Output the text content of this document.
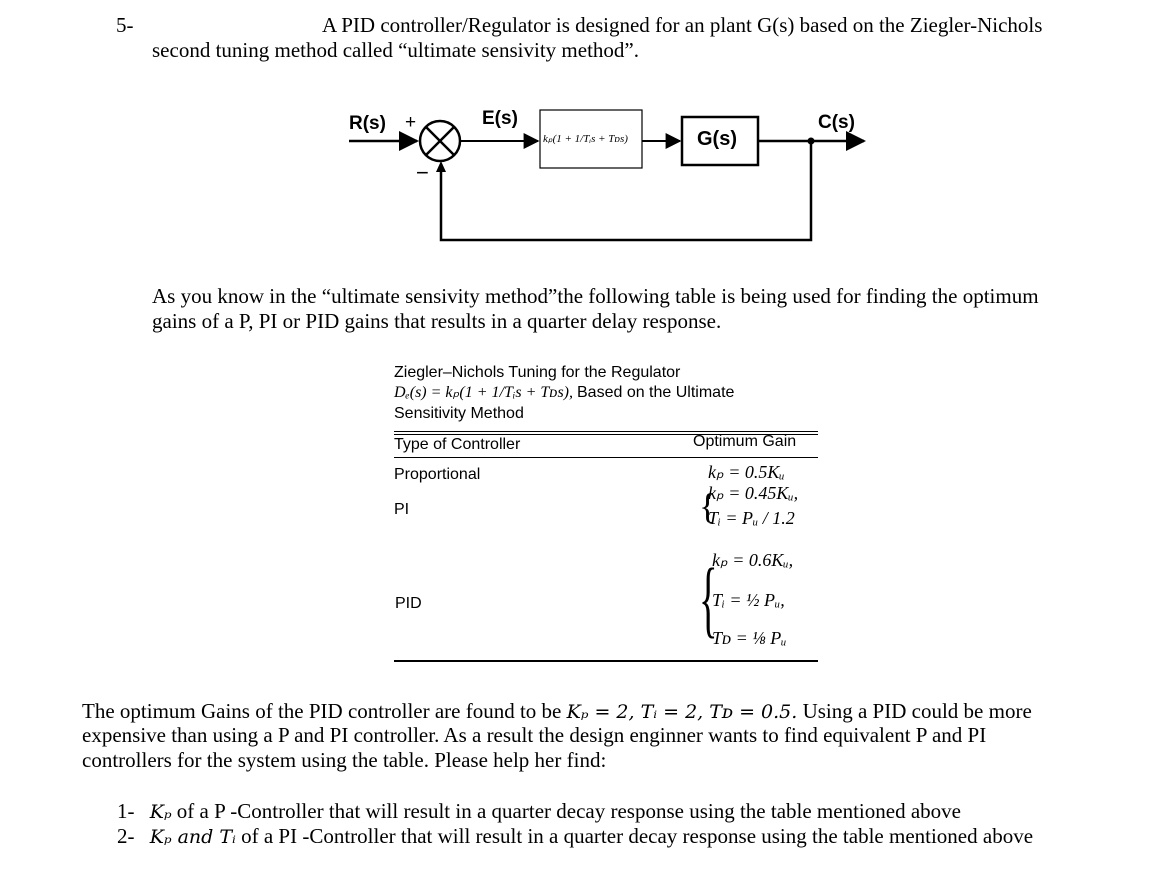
5-	A PID controller/Regulator is designed for an plant G(s) based on the Ziegler-Nichols
second tuning method called “ultimate sensivity method”.
R(s) +
−
E(s)
kₚ(1 + 1/Tᵢs + Tᴅs)	G(s)
C(s)
As you know in the “ultimate sensivity method”the following table is being used for finding the optimum
gains of a P, PI or PID gains that results in a quarter delay response.
Ziegler–Nichols Tuning for the Regulator
Dₑ(s) = kₚ(1 + 1/Tᵢs + Tᴅs), Based on the Ultimate
Sensitivity Method
Type of Controller	Optimum Gain
Proportional	kₚ = 0.5Kᵤ
PI	{
kₚ = 0.45Kᵤ,
Tᵢ = Pᵤ / 1.2
PID	{
kₚ = 0.6Kᵤ,
Tᵢ = ½ Pᵤ,
Tᴅ = ⅛ Pᵤ
The optimum Gains of the PID controller are found to be Kₚ = 2, Tᵢ = 2, Tᴅ = 0.5. Using a PID could be more
expensive than using a P and PI controller. As a result the design enginner wants to find equivalent P and PI
controllers for the system using the table. Please help her find:
1- Kₚ of a P -Controller that will result in a quarter decay response using the table mentioned above
2- Kₚ and Tᵢ of a PI -Controller that will result in a quarter decay response using the table mentioned above
